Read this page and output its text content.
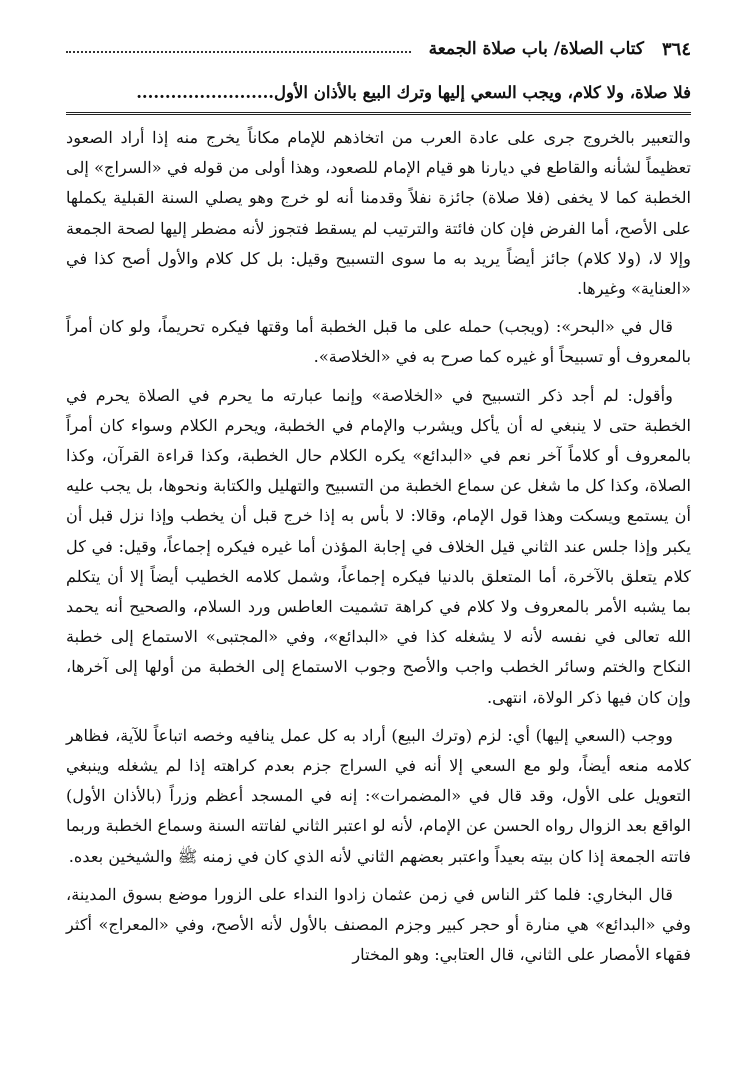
٣٦٤
كتاب الصلاة/ باب صلاة الجمعة
فلا صلاة، ولا كلام، ويجب السعي إليها وترك البيع بالأذان الأول........................

والتعبير بالخروج جرى على عادة العرب من اتخاذهم للإمام مكاناً يخرج منه إذا أراد الصعود تعظيماً لشأنه والقاطع في ديارنا هو قيام الإمام للصعود، وهذا أولى من قوله في «السراج» إلى الخطبة كما لا يخفى (فلا صلاة) جائزة نفلاً وقدمنا أنه لو خرج وهو يصلي السنة القبلية يكملها على الأصح، أما الفرض فإن كان فائتة والترتيب لم يسقط فتجوز لأنه مضطر إليها لصحة الجمعة وإلا لا، (ولا كلام) جائز أيضاً يريد به ما سوى التسبيح وقيل: بل كل كلام والأول أصح كذا في «العناية» وغيرها.

قال في «البحر»: (ويجب) حمله على ما قبل الخطبة أما وقتها فيكره تحريماً، ولو كان أمراً بالمعروف أو تسبيحاً أو غيره كما صرح به في «الخلاصة».

وأقول: لم أجد ذكر التسبيح في «الخلاصة» وإنما عبارته ما يحرم في الصلاة يحرم في الخطبة حتى لا ينبغي له أن يأكل ويشرب والإمام في الخطبة، ويحرم الكلام وسواء كان أمراً بالمعروف أو كلاماً آخر نعم في «البدائع» يكره الكلام حال الخطبة، وكذا قراءة القرآن، وكذا الصلاة، وكذا كل ما شغل عن سماع الخطبة من التسبيح والتهليل والكتابة ونحوها، بل يجب عليه أن يستمع ويسكت وهذا قول الإمام، وقالا: لا بأس به إذا خرج قبل أن يخطب وإذا نزل قبل أن يكبر وإذا جلس عند الثاني قيل الخلاف في إجابة المؤذن أما غيره فيكره إجماعاً، وقيل: في كل كلام يتعلق بالآخرة، أما المتعلق بالدنيا فيكره إجماعاً، وشمل كلامه الخطيب أيضاً إلا أن يتكلم بما يشبه الأمر بالمعروف ولا كلام في كراهة تشميت العاطس ورد السلام، والصحيح أنه يحمد الله تعالى في نفسه لأنه لا يشغله كذا في «البدائع»، وفي «المجتبى» الاستماع إلى خطبة النكاح والختم وسائر الخطب واجب والأصح وجوب الاستماع إلى الخطبة من أولها إلى آخرها، وإن كان فيها ذكر الولاة، انتهى.

ووجب (السعي إليها) أي: لزم (وترك البيع) أراد به كل عمل ينافيه وخصه اتباعاً للآية، فظاهر كلامه منعه أيضاً، ولو مع السعي إلا أنه في السراج جزم بعدم كراهته إذا لم يشغله وينبغي التعويل على الأول، وقد قال في «المضمرات»: إنه في المسجد أعظم وزراً (بالأذان الأول) الواقع بعد الزوال رواه الحسن عن الإمام، لأنه لو اعتبر الثاني لفاتته السنة وسماع الخطبة وربما فاتته الجمعة إذا كان بيته بعيداً واعتبر بعضهم الثاني لأنه الذي كان في زمنه ﷺ والشيخين بعده.

قال البخاري: فلما كثر الناس في زمن عثمان زادوا النداء على الزورا موضع بسوق المدينة، وفي «البدائع» هي منارة أو حجر كبير وجزم المصنف بالأول لأنه الأصح، وفي «المعراج» أكثر فقهاء الأمصار على الثاني، قال العتابي: وهو المختار
